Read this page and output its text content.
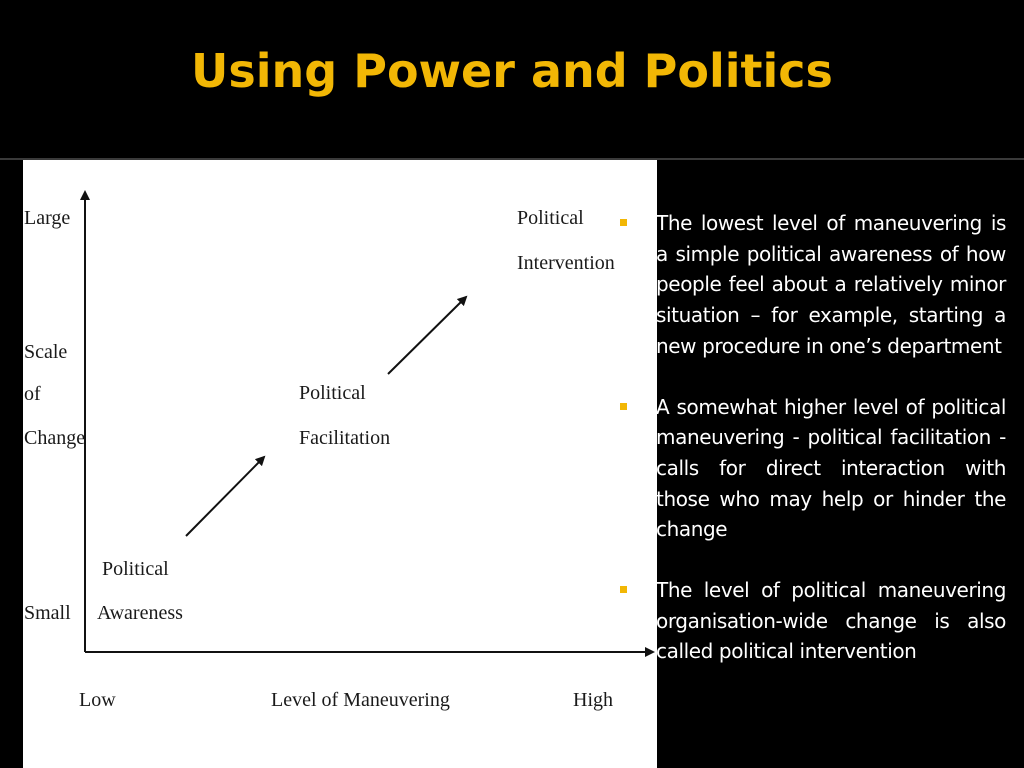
Using Power and Politics
Large
Scale
of
Change
Small
Low	Level of Maneuvering	High
Political
Awareness
Political
Facilitation
Political
Intervention
The lowest level of maneuvering is a simple political awareness of how people feel about a relatively minor situation – for example, starting a new procedure in one’s department
A somewhat higher level of political maneuvering - political facilitation - calls for direct interaction with those who may help or hinder the change
The level of political maneuvering organisation-wide change is also called political intervention
